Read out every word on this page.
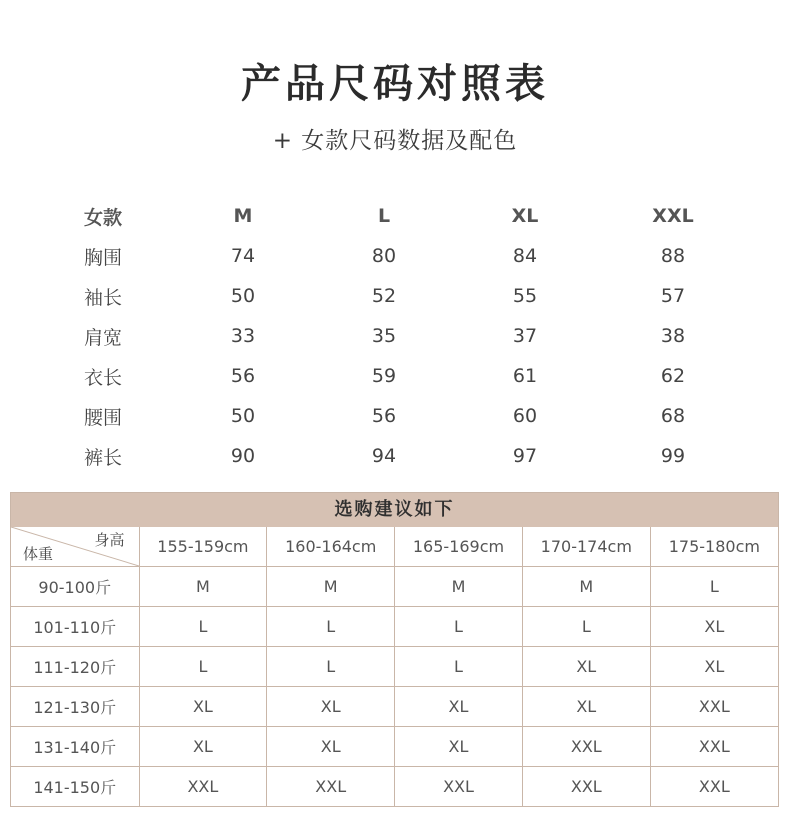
产品尺码对照表
+ 女款尺码数据及配色
女款	M	L	XL	XXL
胸围	74	80	84	88
袖长	50	52	55	57
肩宽	33	35	37	38
衣长	56	59	61	62
腰围	50	56	60	68
裤长	90	94	97	99
选购建议如下
身高
体重	155-159cm	160-164cm	165-169cm	170-174cm	175-180cm
90-100斤	M	M	M	M	L
101-110斤	L	L	L	L	XL
111-120斤	L	L	L	XL	XL
121-130斤	XL	XL	XL	XL	XXL
131-140斤	XL	XL	XL	XXL	XXL
141-150斤	XXL	XXL	XXL	XXL	XXL
